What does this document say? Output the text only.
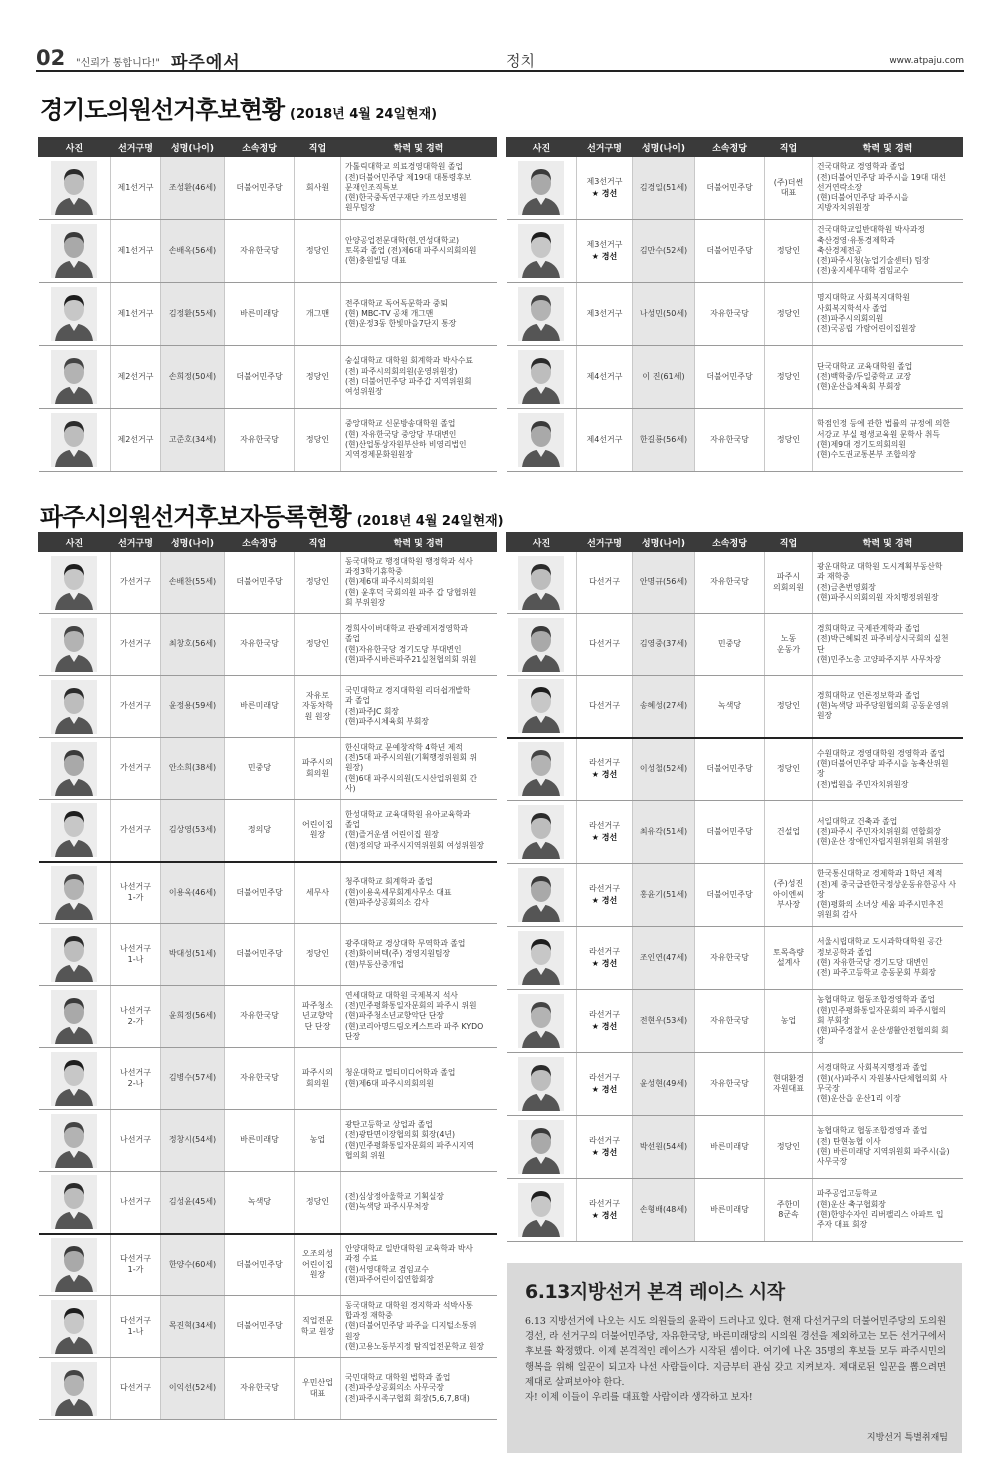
02 "신뢰가 통합니다!" 파주에서	정치	www.atpaju.com
경기도의원선거후보현황 (2018년 4월 24일현재)
사진	선거구명	성명(나이)	소속정당	직업	학력 및 경력

	제1선거구	조성환(46세)	더불어민주당	회사원	가톨릭대학교 의료경영대학원 졸업
(전)더불어민주당 제19대 대통령후보
문재인조직특보
(현)한국중독연구재단 카프성모병원
원무팀장

	제1선거구	손배옥(56세)	자유한국당	정당인	안양공업전문대학(현,연성대학교)
토목과 졸업 (전)제6대 파주시의회의원
(현)충원빌딩 대표

	제1선거구	김정환(55세)	바른미래당	개그맨	전주대학교 독어독문학과 중퇴
(현) MBC-TV 공채 개그맨
(현)운정3동 한빛마을7단지 통장

	제2선거구	손희정(50세)	더불어민주당	정당인	숭실대학교 대학원 회계학과 박사수료
(전) 파주시의회의원(운영위원장)
(전) 더불어민주당 파주갑 지역위원회
여성위원장

	제2선거구	고준호(34세)	자유한국당	정당인	중앙대학교 신문방송대학원 졸업
(현) 자유한국당 중앙당 부대변인
(현)산업통상자원부산하 비영리법인
지역경제문화원원장
사진	선거구명	성명(나이)	소속정당	직업	학력 및 경력

	제3선거구
★ 경선	김경일(51세)	더불어민주당	(주)더썬
대표	건국대학교 경영학과 졸업
(전)더불어민주당 파주시을 19대 대선
선거연락소장
(현)더불어민주당 파주시을
지방자치위원장

	제3선거구
★ 경선	김만수(52세)	더불어민주당	정당인	건국대학교일반대학원 박사과정
축산경영·유통경제학과
축산경제전공
(전)파주시청(농업기술센터) 팀장
(전)웅지세무대학 겸임교수

	제3선거구	나성민(50세)	자유한국당	정당인	명지대학교 사회복지대학원
사회복지학석사 졸업
(전)파주시의회의원
(전)국공립 가람어린이집원장

	제4선거구	이 진(61세)	더불어민주당	정당인	단국대학교 교육대학원 졸업
(전)백학중/두일중학교 교장
(현)운산읍체육회 부회장

	제4선거구	한길룡(56세)	자유한국당	정당인	학점인정 등에 관한 법률의 규정에 의한
서강교 부실 평생교육원 문학사 취득
(현)제9대 경기도의회의원
(현)수도권교통본부 조합의장
파주시의원선거후보자등록현황 (2018년 4월 24일현재)
사진	선거구명	성명(나이)	소속정당	직업	학력 및 경력

	가선거구	손배찬(55세)	더불어민주당	정당인	동국대학교 행정대학원 행정학과 석사
과정3학기휴학중
(현)제6대 파주시의회의원
(현) 윤후덕 국회의원 파주 갑 당협위원
회 부위원장

	가선거구	최창호(56세)	자유한국당	정당인	경희사이버대학교 관광레저경영학과
졸업
(현)자유한국당 경기도당 부대변인
(현)파주시바른파주21실천협의회 위원

	가선거구	윤정용(59세)	바른미래당	자유로
자동차학
원 원장	국민대학교 경지대학원 리더쉽개발학
과 졸업
(전)파주JC 회장
(현)파주시체육회 부회장

	가선거구	안소희(38세)	민중당	파주시의
회의원	한신대학교 문예창작학 4학년 제적
(전)5대 파주시의원(기획행정위원회 위
원장)
(현)6대 파주시의원(도시산업위원회 간
사)

	가선거구	김상영(53세)	정의당	어린이집
원장	한성대학교 교육대학원 유아교육학과
졸업
(현)즐거운샘 어린이집 원장
(현)정의당 파주시지역위원회 여성위원장

	나선거구
1-가	이용욱(46세)	더불어민주당	세무사	청주대학교 회계학과 졸업
(현)이용욱세무회계사무소 대표
(현)파주상공회의소 감사

	나선거구
1-나	박대성(51세)	더불어민주당	정당인	광주대학교 경상대학 무역학과 졸업
(전)화이버텍(주) 경영지원팀장
(현)부동산중개업

	나선거구
2-가	윤희정(56세)	자유한국당	파주청소
년교향악
단 단장	연세대학교 대학원 국제복지 석사
(전)민주평화통일자문회의 파주시 위원
(현)파주청소년교향악단 단장
(현)코리아명드림오케스트라 파주 KYDO
단장

	나선거구
2-나	김병수(57세)	자유한국당	파주시의
회의원	청운대학교 멀티미디어학과 졸업
(현)제6대 파주시의회의원

	나선거구	정창시(54세)	바른미래당	농업	광탄고등학교 상업과 졸업
(전)광탄면이장협의회 회장(4년)
(현)민주평화통일자문회의 파주시지역
협의회 위원

	나선거구	김성윤(45세)	녹색당	정당인	(전)심상정아울학교 기획실장
(현)녹색당 파주시무처장

	다선거구
1-가	한양수(60세)	더불어민주당	오조의성
어린이집
원장	안양대학교 일반대학원 교육학과 박사
과정 수료
(현)서영대학교 겸임교수
(현)파주어린이집연합회장

	다선거구
1-나	목진혁(34세)	더불어민주당	직업전문
학교 원장	동국대학교 대학원 경지학과 석박사통
합과정 재학중
(현)더불어민주당 파주을 디지털소통위
원장
(현)고용노동부지정 탐직업전문학교 원장

	다선거구	이익선(52세)	자유한국당	우민산업
대표	국민대학교 대학원 법학과 졸업
(전)파주상공회의소 사무국장
(전)파주시족구협회 회장(5,6,7,8대)
사진	선거구명	성명(나이)	소속정당	직업	학력 및 경력

	다선거구	안명규(56세)	자유한국당	파주시
의회의원	광운대학교 대학원 도시계획부동산학
과 재학중
(전)금촌번영회장
(현)파주시의회의원 자치행정위원장

	다선거구	김영중(37세)	민중당	노동
운동가	경희대학교 국제관계학과 졸업
(전)박근혜퇴진 파주비상시국회의 실천
단
(현)민주노총 고양파주지부 사무차장

	다선거구	송혜성(27세)	녹색당	정당인	경희대학교 언론정보학과 졸업
(현)녹색당 파주당원협의회 공동운영위
원장

	라선거구
★ 경선	이성철(52세)	더불어민주당	정당인	수원대학교 경영대학원 경영학과 졸업
(현)더불어민주당 파주시을 농축산위원
장
(전)법원읍 주민자치위원장

	라선거구
★ 경선	최유각(51세)	더불어민주당	건설업	서일대학교 건축과 졸업
(전)파주시 주민자치위원회 연합회장
(현)운산 장애인자립지원위원회 위원장

	라선거구
★ 경선	홍윤기(51세)	더불어민주당	(주)성진
아이엔씨
부사장	한국통신대학교 경제학과 1학년 제적
(전)제 중국급관한국정상운동유한공사 사
장
(현)평화의 소녀상 세움 파주시민추진
위원회 감사

	라선거구
★ 경선	조인연(47세)	자유한국당	토목측량
설계사	서울시립대학교 도시과학대학원 공간
정보공학과 졸업
(현) 자유한국당 경기도당 대변인
(전) 파주고등학교 총동문회 부회장

	라선거구
★ 경선	전현우(53세)	자유한국당	농업	농협대학교 협동조합경영학과 졸업
(현)민주평화통일자문회의 파주시협의
회 부회장
(현)파주경찰서 운산생활안전협의회 회
장

	라선거구
★ 경선	윤성현(49세)	자유한국당	현대환경
자원대표	서경대학교 사회복지행정과 졸업
(현)(사)파주시 자원봉사단체협의회 사
무국장
(현)운산읍 운산1리 이장

	라선거구
★ 경선	박선원(54세)	바른미래당	정당인	농협대학교 협동조합경영과 졸업
(전) 탄현농협 이사
(현) 바른미래당 지역위원회 파주시(을)
사무국장

	라선거구
★ 경선	손형배(48세)	바른미래당	주한미
8군속	파주공업고등학교
(현)운산 축구협회장
(현)한양수자인 리버팰리스 아파트 입
주자 대표 회장
6.13지방선거 본격 레이스 시작
6.13 지방선거에 나오는 시도 의원들의 윤곽이 드러나고 있다. 현재 다선거구의 더불어민주당의 도의원 경선, 라 선거구의 더불어민주당, 자유한국당, 바른미래당의 시의원 경선을 제외하고는 모든 선거구에서 후보를 확정했다. 이제 본격적인 레이스가 시작된 셈이다. 여기에 나온 35명의 후보들 모두 파주시민의 행복을 위해 일꾼이 되고자 나선 사람들이다. 지금부터 관심 갖고 지켜보자. 제대로된 일꾼을 뽑으려면 제대로 살펴보아야 한다.
자! 이제 이들이 우리를 대표할 사람이라 생각하고 보자!
지방선거 특별취재팀
